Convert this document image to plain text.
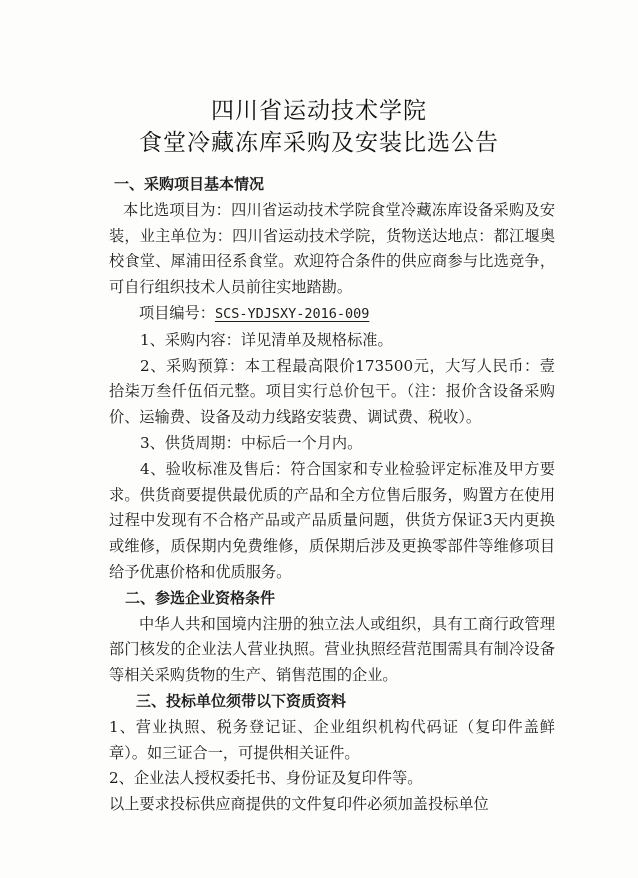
四川省运动技术学院
食堂冷藏冻库采购及安装比选公告

一、采购项目基本情况

本比选项目为：四川省运动技术学院食堂冷藏冻库设备采购及安装，业主单位为：四川省运动技术学院，货物送达地点：都江堰奥校食堂、犀浦田径系食堂。欢迎符合条件的供应商参与比选竞争，可自行组织技术人员前往实地踏勘。

项目编号：SCS-YDJSXY-2016-009

1、采购内容：详见清单及规格标准。

2、采购预算：本工程最高限价173500元，大写人民币：壹拾柒万叁仟伍佰元整。项目实行总价包干。（注：报价含设备采购价、运输费、设备及动力线路安装费、调试费、税收）。

3、供货周期：中标后一个月内。

4、验收标准及售后：符合国家和专业检验评定标准及甲方要求。供货商要提供最优质的产品和全方位售后服务，购置方在使用过程中发现有不合格产品或产品质量问题，供货方保证3天内更换或维修，质保期内免费维修，质保期后涉及更换零部件等维修项目给予优惠价格和优质服务。

二、参选企业资格条件

中华人共和国境内注册的独立法人或组织，具有工商行政管理部门核发的企业法人营业执照。营业执照经营范围需具有制冷设备等相关采购货物的生产、销售范围的企业。

三、投标单位须带以下资质资料

1、营业执照、税务登记证、企业组织机构代码证（复印件盖鲜章）。如三证合一，可提供相关证件。

2、企业法人授权委托书、身份证及复印件等。

以上要求投标供应商提供的文件复印件必须加盖投标单位
